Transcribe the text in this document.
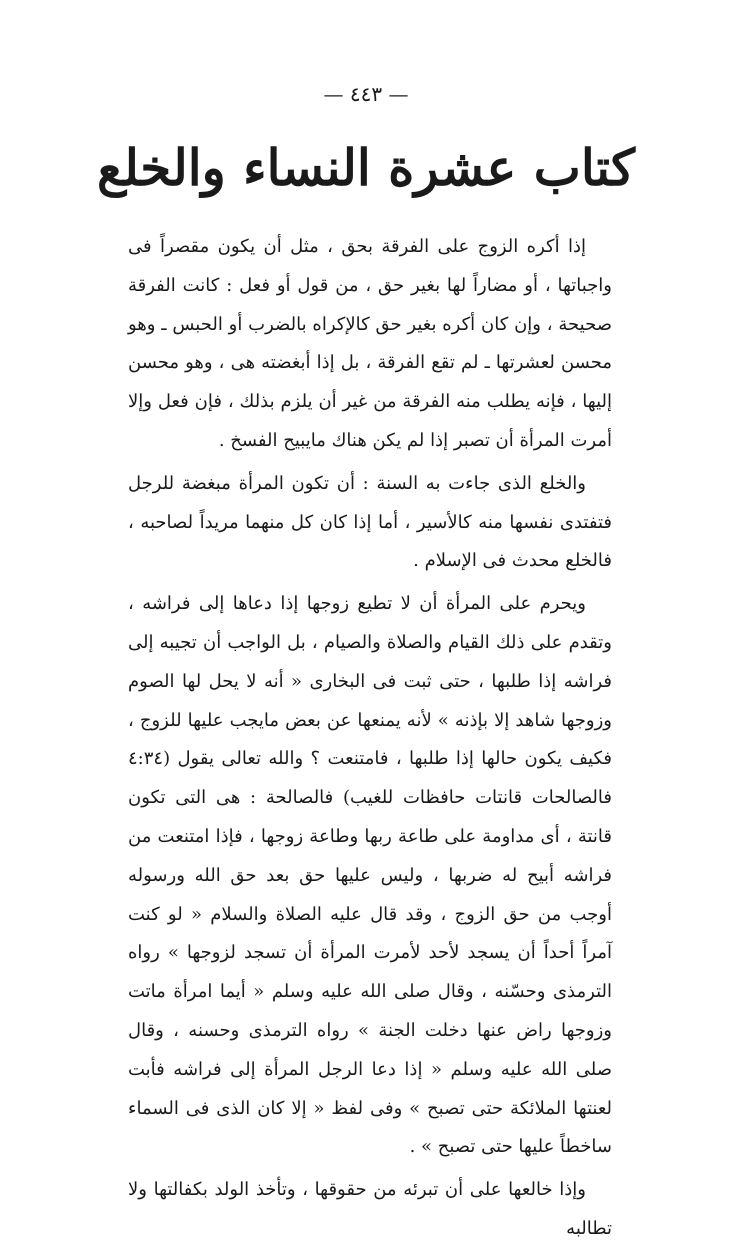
— ٤٤٣ —
كتاب عشرة النساء والخلع

إذا أكره الزوج على الفرقة بحق ، مثل أن يكون مقصراً فى واجباتها ، أو مضاراً لها بغير حق ، من قول أو فعل : كانت الفرقة صحيحة ، وإن كان أكره بغير حق كالإكراه بالضرب أو الحبس ـ وهو محسن لعشرتها ـ لم تقع الفرقة ، بل إذا أبغضته هى ، وهو محسن إليها ، فإنه يطلب منه الفرقة من غير أن يلزم بذلك ، فإن فعل وإلا أمرت المرأة أن تصبر إذا لم يكن هناك مايبيح الفسخ .

والخلع الذى جاءت به السنة : أن تكون المرأة مبغضة للرجل فتفتدى نفسها منه كالأسير ، أما إذا كان كل منهما مريداً لصاحبه ، فالخلع محدث فى الإسلام .

ويحرم على المرأة أن لا تطيع زوجها إذا دعاها إلى فراشه ، وتقدم على ذلك القيام والصلاة والصيام ، بل الواجب أن تجيبه إلى فراشه إذا طلبها ، حتى ثبت فى البخارى « أنه لا يحل لها الصوم وزوجها شاهد إلا بإذنه » لأنه يمنعها عن بعض مايجب عليها للزوج ، فكيف يكون حالها إذا طلبها ، فامتنعت ؟ والله تعالى يقول (٤:٣٤ فالصالحات قانتات حافظات للغيب) فالصالحة : هى التى تكون قانتة ، أى مداومة على طاعة ربها وطاعة زوجها ، فإذا امتنعت من فراشه أبيح له ضربها ، وليس عليها حق بعد حق الله ورسوله أوجب من حق الزوج ، وقد قال عليه الصلاة والسلام « لو كنت آمراً أحداً أن يسجد لأحد لأمرت المرأة أن تسجد لزوجها » رواه الترمذى وحسّنه ، وقال صلى الله عليه وسلم « أيما امرأة ماتت وزوجها راض عنها دخلت الجنة » رواه الترمذى وحسنه ، وقال صلى الله عليه وسلم « إذا دعا الرجل المرأة إلى فراشه فأبت لعنتها الملائكة حتى تصبح » وفى لفظ « إلا كان الذى فى السماء ساخطاً عليها حتى تصبح » .

وإذا خالعها على أن تبرئه من حقوقها ، وتأخذ الولد بكفالتها ولا تطالبه
